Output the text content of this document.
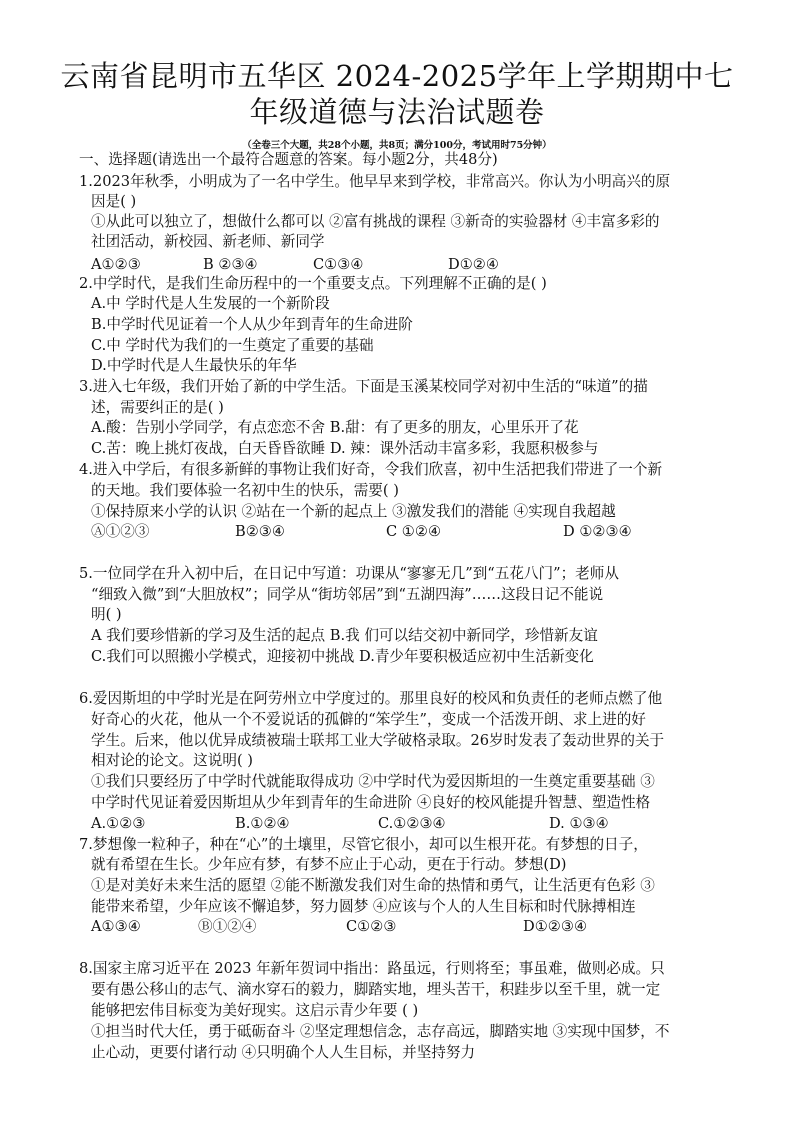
云南省昆明市五华区 2024-2025学年上学期期中七
年级道德与法治试题卷
（全卷三个大题，共28个小题，共8页；满分100分，考试用时75分钟）
一、选择题(请选出一个最符合题意的答案。每小题2分，共48分)
1.2023年秋季，小明成为了一名中学生。他早早来到学校，非常高兴。你认为小明高兴的原
因是( )
①从此可以独立了，想做什么都可以 ②富有挑战的课程 ③新奇的实验器材 ④丰富多彩的
社团活动，新校园、新老师、新同学
A①②③	B ②③④	C①③④	D①②④
2.中学时代，是我们生命历程中的一个重要支点。下列理解不正确的是( )
A.中 学时代是人生发展的一个新阶段
B.中学时代见证着一个人从少年到青年的生命进阶
C.中 学时代为我们的一生奠定了重要的基础
D.中学时代是人生最快乐的年华
3.进入七年级，我们开始了新的中学生活。下面是玉溪某校同学对初中生活的“味道”的描
述，需要纠正的是( )
A.酸：告别小学同学，有点恋恋不舍 B.甜：有了更多的朋友，心里乐开了花
C.苦：晚上挑灯夜战，白天昏昏欲睡 D. 辣：课外活动丰富多彩，我愿积极参与
4.进入中学后，有很多新鲜的事物让我们好奇，令我们欣喜，初中生活把我们带进了一个新
的天地。我们要体验一名初中生的快乐，需要( )
①保持原来小学的认识 ②站在一个新的起点上 ③激发我们的潜能 ④实现自我超越
Ⓐ①②③	B②③④	C ①②④	D ①②③④
5.一位同学在升入初中后，在日记中写道：功课从“寥寥无几”到“五花八门”；老师从
“细致入微”到“大胆放权”；同学从“街坊邻居”到“五湖四海”……这段日记不能说
明( )
A 我们要珍惜新的学习及生活的起点 B.我 们可以结交初中新同学，珍惜新友谊
C.我们可以照搬小学模式，迎接初中挑战 D.青少年要积极适应初中生活新变化
6.爱因斯坦的中学时光是在阿劳州立中学度过的。那里良好的校风和负责任的老师点燃了他
好奇心的火花，他从一个不爱说话的孤僻的“笨学生”，变成一个活泼开朗、求上进的好
学生。后来，他以优异成绩被瑞士联邦工业大学破格录取。26岁时发表了轰动世界的关于
相对论的论文。这说明( )
①我们只要经历了中学时代就能取得成功 ②中学时代为爱因斯坦的一生奠定重要基础 ③
中学时代见证着爱因斯坦从少年到青年的生命进阶 ④良好的校风能提升智慧、塑造性格
A.①②③	B.①②④	C.①②③④	D. ①③④
7.梦想像一粒种子，种在“心”的土壤里，尽管它很小，却可以生根开花。有梦想的日子，
就有希望在生长。少年应有梦，有梦不应止于心动，更在于行动。梦想(D)
①是对美好未来生活的愿望 ②能不断激发我们对生命的热情和勇气，让生活更有色彩 ③
能带来希望，少年应该不懈追梦，努力圆梦 ④应该与个人的人生目标和时代脉搏相连
A①③④	Ⓑ①②④	C①②③	D①②③④
8.国家主席习近平在 2023 年新年贺词中指出：路虽远，行则将至；事虽难，做则必成。只
要有愚公移山的志气、滴水穿石的毅力，脚踏实地，埋头苦干，积跬步以至千里，就一定
能够把宏伟目标变为美好现实。这启示青少年要 ( )
①担当时代大任，勇于砥砺奋斗 ②坚定理想信念，志存高远，脚踏实地 ③实现中国梦，不
止心动，更要付诸行动 ④只明确个人人生目标，并坚持努力
